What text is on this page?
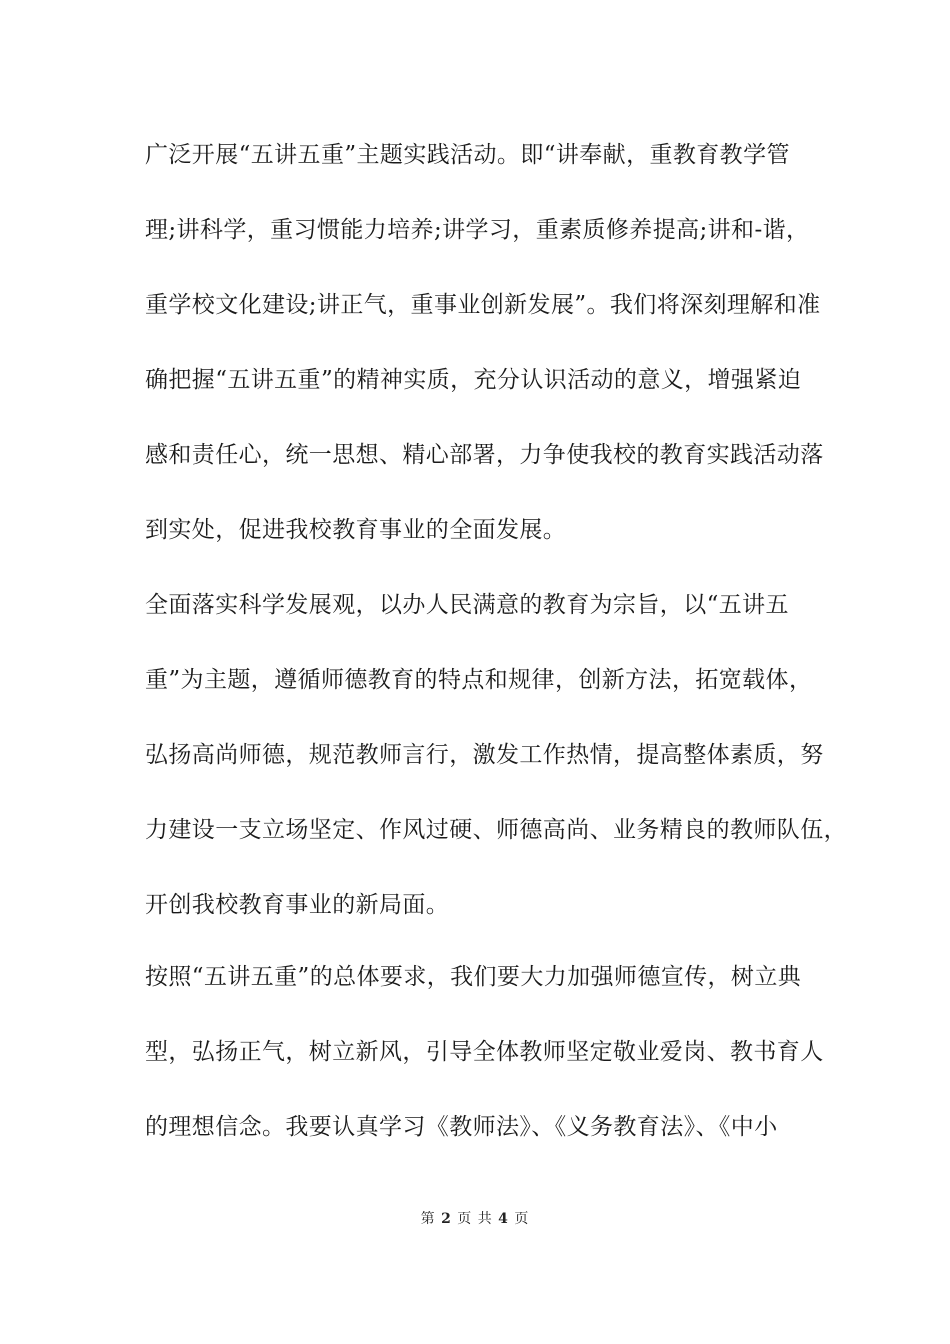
广泛开展“五讲五重”主题实践活动。即“讲奉献，重教育教学管
理;讲科学，重习惯能力培养;讲学习，重素质修养提高;讲和-谐，
重学校文化建设;讲正气，重事业创新发展”。我们将深刻理解和准
确把握“五讲五重”的精神实质，充分认识活动的意义，增强紧迫
感和责任心，统一思想、精心部署，力争使我校的教育实践活动落
到实处，促进我校教育事业的全面发展。
全面落实科学发展观，以办人民满意的教育为宗旨，以“五讲五
重”为主题，遵循师德教育的特点和规律，创新方法，拓宽载体，
弘扬高尚师德，规范教师言行，激发工作热情，提高整体素质，努
力建设一支立场坚定、作风过硬、师德高尚、业务精良的教师队伍，
开创我校教育事业的新局面。
按照“五讲五重”的总体要求，我们要大力加强师德宣传，树立典
型，弘扬正气，树立新风，引导全体教师坚定敬业爱岗、教书育人
的理想信念。我要认真学习《教师法》、《义务教育法》、《中小
第 2 页 共 4 页
